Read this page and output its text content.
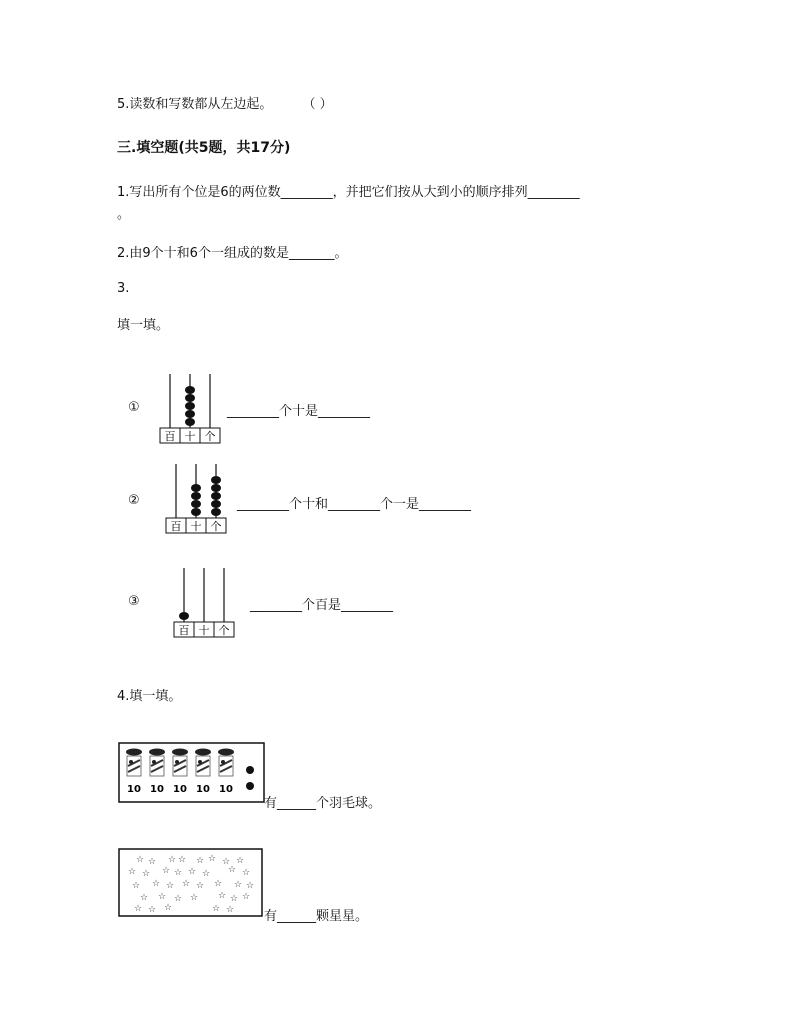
5.读数和写数都从左边起。 （ ）
三.填空题(共5题，共17分)
1.写出所有个位是6的两位数________，并把它们按从大到小的顺序排列________
。
2.由9个十和6个一组成的数是_______。
3.
填一填。
①
百 十 个
________个十是________
②
百 十 个
________个十和________个一是________
③
百 十 个
________个百是________
4.填一填。
10 10 10 10 10
有______个羽毛球。
☆ ☆ ☆ ☆ ☆ ☆ ☆ ☆
☆ ☆ ☆ ☆ ☆ ☆ ☆ ☆
☆ ☆ ☆ ☆ ☆ ☆ ☆ ☆
☆ ☆ ☆ ☆ ☆ ☆ ☆
☆ ☆ ☆	☆ ☆ 有______颗星星。
